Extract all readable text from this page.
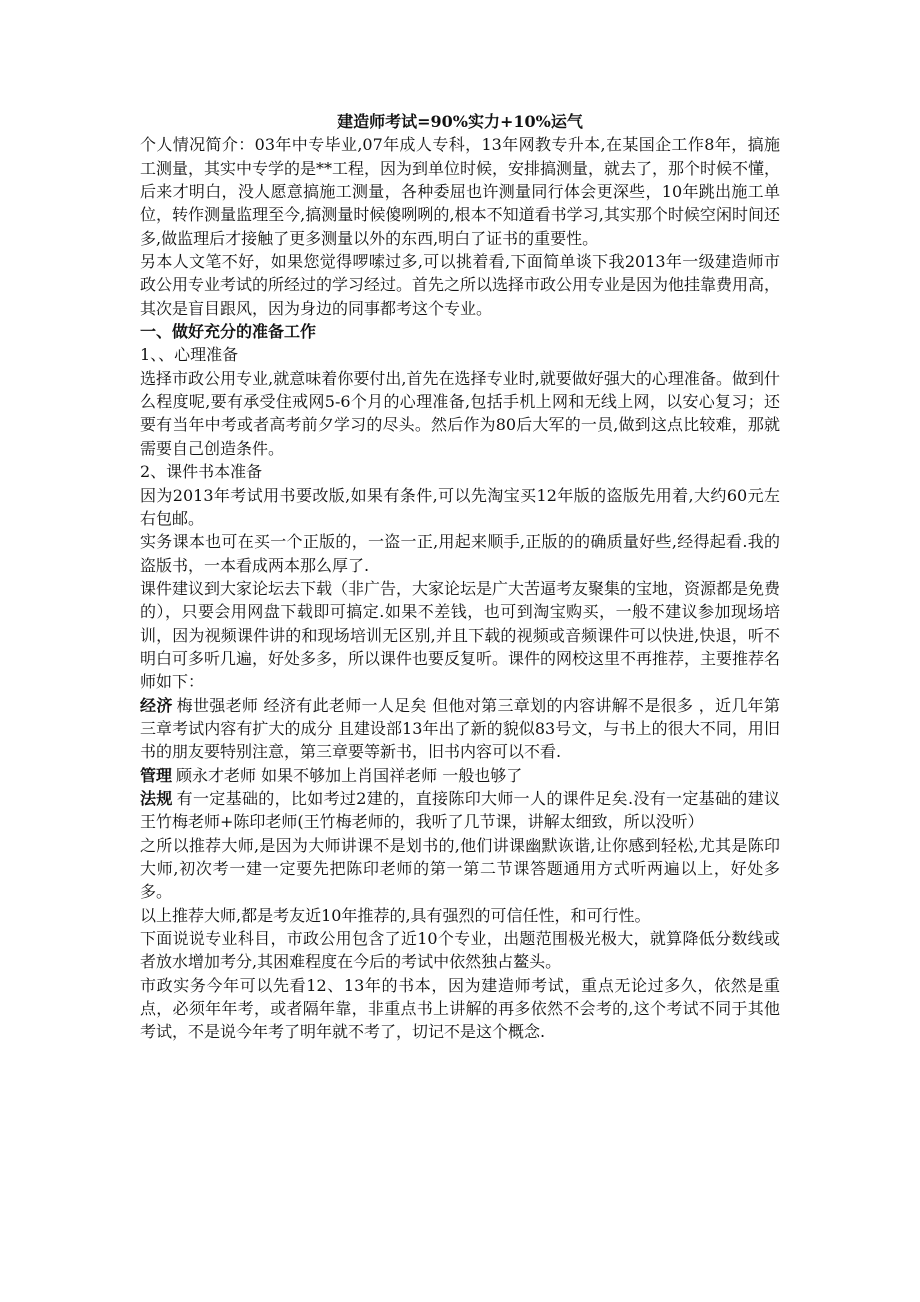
建造师考试=90%实力+10%运气

个人情况简介：03年中专毕业,07年成人专科，13年网教专升本,在某国企工作8年，搞施工测量，其实中专学的是**工程，因为到单位时候，安排搞测量，就去了，那个时候不懂，后来才明白，没人愿意搞施工测量，各种委屈也许测量同行体会更深些，10年跳出施工单位，转作测量监理至今,搞测量时候傻咧咧的,根本不知道看书学习,其实那个时候空闲时间还多,做监理后才接触了更多测量以外的东西,明白了证书的重要性。

另本人文笔不好，如果您觉得啰嗦过多,可以挑着看,下面简单谈下我2013年一级建造师市政公用专业考试的所经过的学习经过。首先之所以选择市政公用专业是因为他挂靠费用高，其次是盲目跟风，因为身边的同事都考这个专业。

一、做好充分的准备工作

1、、心理准备

选择市政公用专业,就意味着你要付出,首先在选择专业时,就要做好强大的心理准备。做到什么程度呢,要有承受住戒网5-6个月的心理准备,包括手机上网和无线上网，以安心复习；还要有当年中考或者高考前夕学习的尽头。然后作为80后大军的一员,做到这点比较难，那就需要自己创造条件。

2、课件书本准备

因为2013年考试用书要改版,如果有条件,可以先淘宝买12年版的盗版先用着,大约60元左右包邮。

实务课本也可在买一个正版的，一盗一正,用起来顺手,正版的的确质量好些,经得起看.我的盗版书，一本看成两本那么厚了.

课件建议到大家论坛去下载（非广告，大家论坛是广大苦逼考友聚集的宝地，资源都是免费的），只要会用网盘下载即可搞定.如果不差钱，也可到淘宝购买，一般不建议参加现场培训，因为视频课件讲的和现场培训无区别,并且下载的视频或音频课件可以快进,快退，听不明白可多听几遍，好处多多，所以课件也要反复听。课件的网校这里不再推荐，主要推荐名师如下：

经济 梅世强老师 经济有此老师一人足矣 但他对第三章划的内容讲解不是很多 ，近几年第三章考试内容有扩大的成分 且建设部13年出了新的貌似83号文，与书上的很大不同，用旧书的朋友要特别注意，第三章要等新书，旧书内容可以不看.

管理 顾永才老师 如果不够加上肖国祥老师 一般也够了

法规 有一定基础的，比如考过2建的，直接陈印大师一人的课件足矣.没有一定基础的建议王竹梅老师+陈印老师(王竹梅老师的，我听了几节课，讲解太细致，所以没听）

之所以推荐大师,是因为大师讲课不是划书的,他们讲课幽默诙谐,让你感到轻松,尤其是陈印大师,初次考一建一定要先把陈印老师的第一第二节课答题通用方式听两遍以上，好处多多。

以上推荐大师,都是考友近10年推荐的,具有强烈的可信任性，和可行性。

下面说说专业科目，市政公用包含了近10个专业，出题范围极光极大，就算降低分数线或者放水增加考分,其困难程度在今后的考试中依然独占鳌头。

市政实务今年可以先看12、13年的书本，因为建造师考试，重点无论过多久，依然是重点，必须年年考，或者隔年靠，非重点书上讲解的再多依然不会考的,这个考试不同于其他考试，不是说今年考了明年就不考了，切记不是这个概念.
